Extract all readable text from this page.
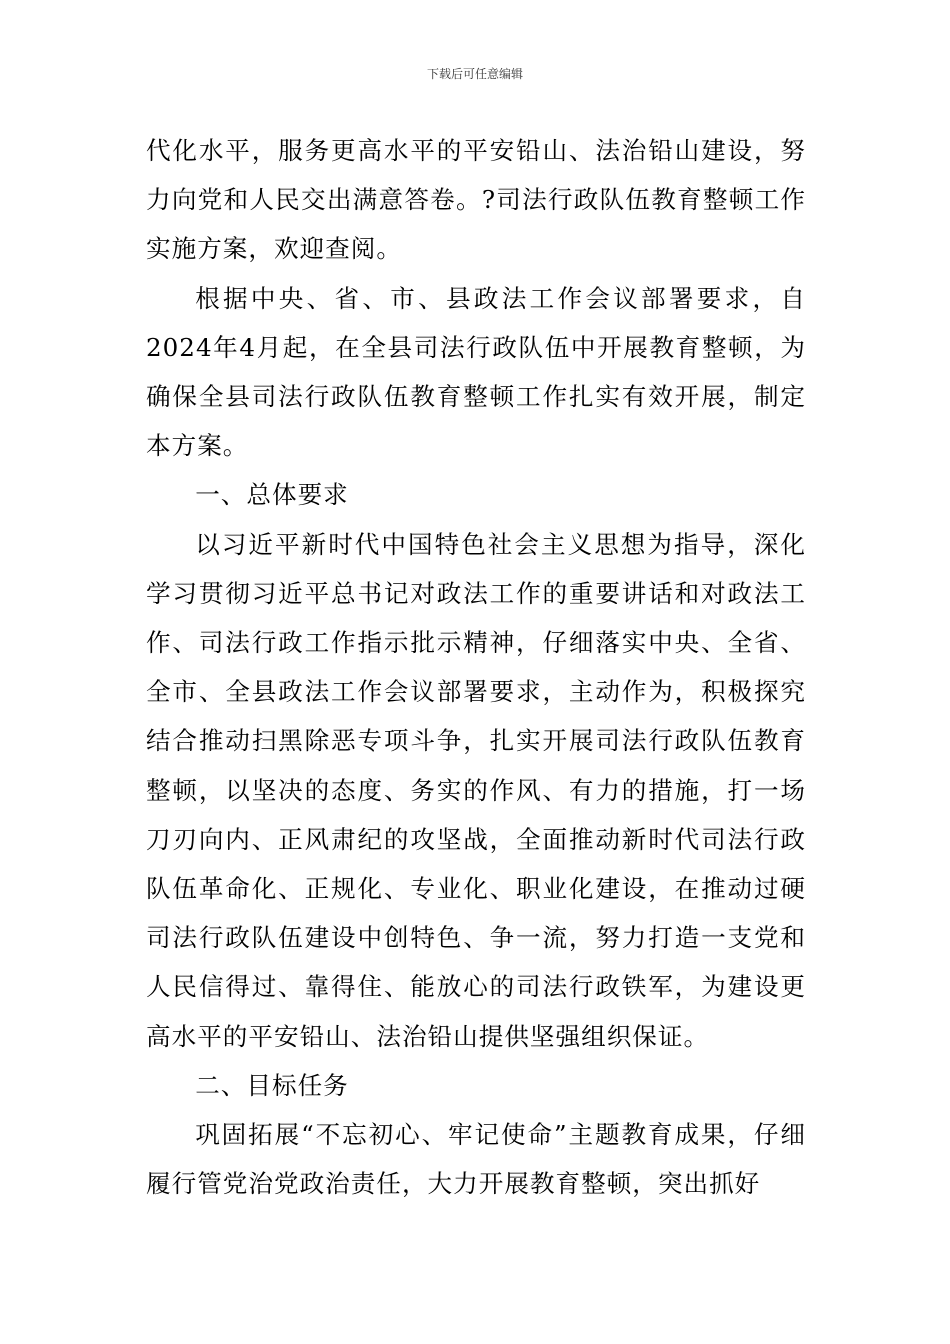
下载后可任意编辑

代化水平，服务更高水平的平安铅山、法治铅山建设，努力向党和人民交出满意答卷。?司法行政队伍教育整顿工作实施方案，欢迎查阅。

根据中央、省、市、县政法工作会议部署要求，自2024年4月起，在全县司法行政队伍中开展教育整顿，为确保全县司法行政队伍教育整顿工作扎实有效开展，制定本方案。

一、总体要求

以习近平新时代中国特色社会主义思想为指导，深化学习贯彻习近平总书记对政法工作的重要讲话和对政法工作、司法行政工作指示批示精神，仔细落实中央、全省、全市、全县政法工作会议部署要求，主动作为，积极探究结合推动扫黑除恶专项斗争，扎实开展司法行政队伍教育整顿，以坚决的态度、务实的作风、有力的措施，打一场刀刃向内、正风肃纪的攻坚战，全面推动新时代司法行政队伍革命化、正规化、专业化、职业化建设，在推动过硬司法行政队伍建设中创特色、争一流，努力打造一支党和人民信得过、靠得住、能放心的司法行政铁军，为建设更高水平的平安铅山、法治铅山提供坚强组织保证。

二、目标任务

巩固拓展“不忘初心、牢记使命”主题教育成果，仔细履行管党治党政治责任，大力开展教育整顿，突出抓好
